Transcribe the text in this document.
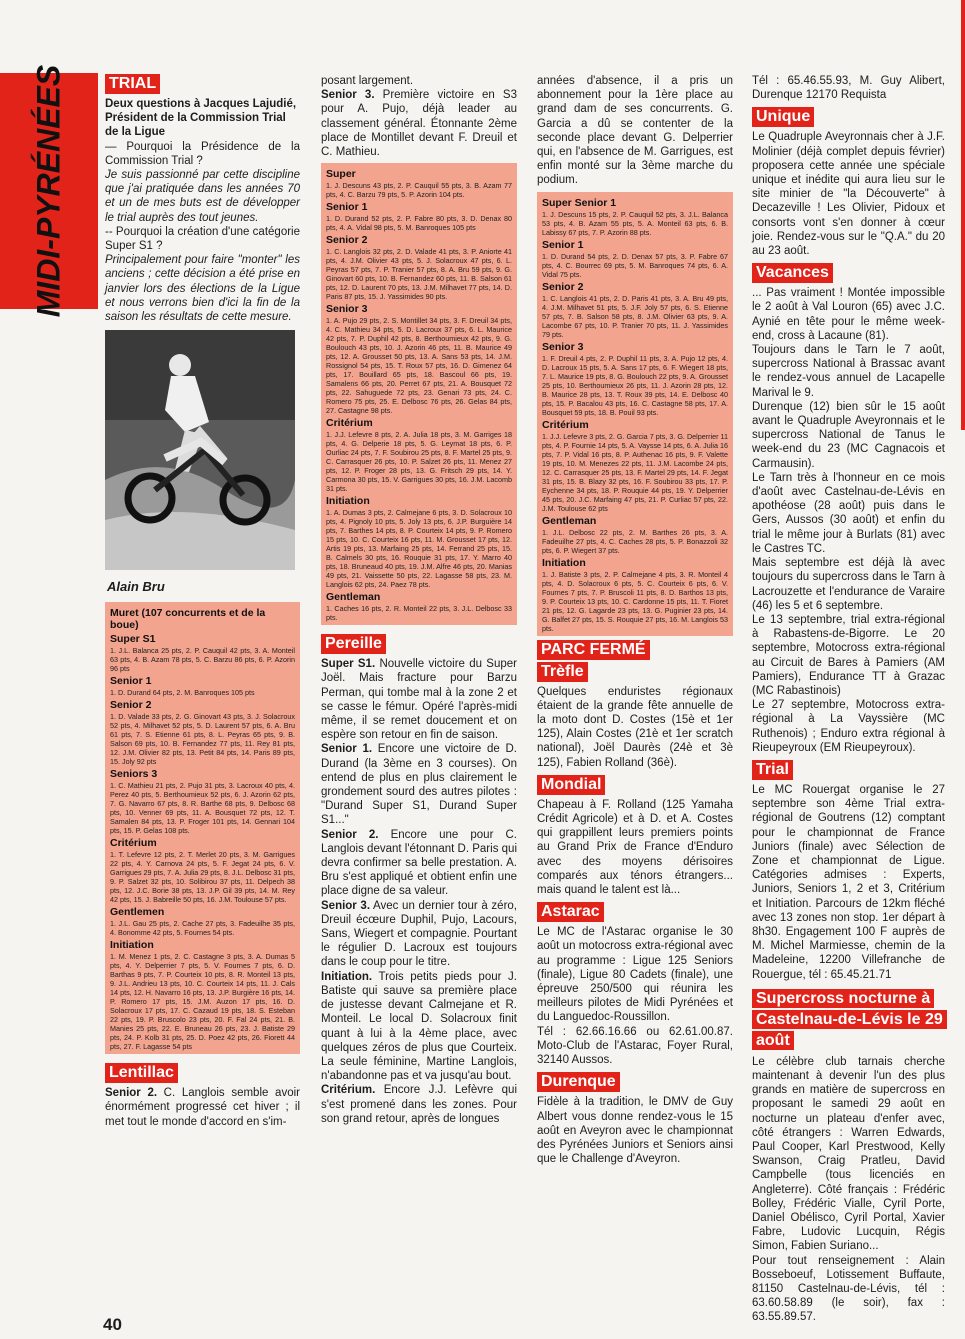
MIDI-PYRÉNÉES	TRIAL

Deux questions à Jacques Lajudié, Président de la Commission Trial de la Ligue

— Pourquoi la Présidence de la Commission Trial ?

Je suis passionné par cette discipline que j'ai pratiquée dans les années 70 et un de mes buts est de développer le trial auprès des tout jeunes.

-- Pourquoi la création d'une catégorie Super S1 ?

Principalement pour faire "monter" les anciens ; cette décision a été prise en janvier lors des élections de la Ligue et nous verrons bien d'ici la fin de la saison les résultats de cette mesure.

Alain Bru
Muret (107 concurrents et de la boue)
Super S1

1. J.L. Balanca 25 pts, 2. P. Cauquil 42 pts, 3. A. Monteil 63 pts, 4. B. Azam 78 pts, 5. C. Barzu 86 pts, 6. P. Azorin 96 pts

Senior 1

1. D. Durand 64 pts, 2. M. Banroques 105 pts

Senior 2

1. D. Valade 33 pts, 2. G. Ginovart 43 pts, 3. J. Solacroux 52 pts, 4. Milhavet 52 pts, 5. D. Laurent 57 pts, 6. A. Bru 61 pts, 7. S. Etienne 61 pts, 8. L. Peyras 65 pts, 9. B. Salson 69 pts, 10. B. Fernandez 77 pts, 11. Rey 81 pts, 12. J.M. Olivier 82 pts, 13. Petit 84 pts, 14. Paris 89 pts, 15. Joly 92 pts

Seniors 3

1. C. Mathieu 21 pts, 2. Pujo 31 pts, 3. Lacroux 40 pts, 4. Perez 40 pts, 5. Berthoumieux 52 pts, 6. J. Azorin 62 pts, 7. G. Navarro 67 pts, 8. R. Barthe 68 pts, 9. Delbosc 68 pts, 10. Venner 69 pts, 11. A. Bousquet 72 pts, 12. T. Samalen 84 pts, 13. P. Froger 101 pts, 14. Gennari 104 pts, 15. P. Gelas 108 pts.

Critérium

1. T. Lefevre 12 pts, 2. T. Merlet 20 pts, 3. M. Garrigues 22 pts, 4. Y. Carnova 24 pts, 5. F. Jegat 24 pts, 6. V. Garrigues 29 pts, 7. A. Julia 29 pts, 8. J.L. Delbosc 31 pts, 9. P. Salzet 32 pts, 10. Solibirou 37 pts, 11. Delpech 38 pts, 12. J.C. Borie 38 pts, 13. J.P. Gil 39 pts, 14. M. Rey 42 pts, 15. J. Babreille 50 pts, 16. J.M. Toulouse 57 pts.

Gentlemen

1. J.L. Gau 25 pts, 2. Cache 27 pts, 3. Fadeuilhe 35 pts, 4. Bonomme 42 pts, 5. Fournes 54 pts.

Initiation

1. M. Menez 1 pts, 2. C. Castagne 3 pts, 3. A. Dumas 5 pts, 4. Y. Delperrier 7 pts, 5. V. Fournes 7 pts, 6. D. Barthas 9 pts, 7. P. Courteix 10 pts, 8. R. Monteil 13 pts, 9. J.L. Andrieu 13 pts, 10. C. Courteix 14 pts, 11. J. Cals 14 pts, 12. H. Navarro 16 pts, 13. J.P. Burgière 16 pts, 14. P. Romero 17 pts, 15. J.M. Auzon 17 pts, 16. D. Solacroux 17 pts, 17. C. Cazaud 19 pts, 18. S. Esteban 22 pts, 19. P. Bruscolo 23 pts, 20. F. Fal 24 pts, 21. B. Manies 25 pts, 22. E. Bruneau 26 pts, 23. J. Batiste 29 pts, 24. P. Kolb 31 pts, 25. D. Poez 42 pts, 26. Fiorett 44 pts, 27. F. Lagasse 54 pts

Lentillac

Senior 2. C. Langlois semble avoir énormément progressé cet hiver ; il met tout le monde d'accord en s'im-

posant largement.

Senior 3. Première victoire en S3 pour A. Pujo, déjà leader au classement général. Étonnante 2ème place de Montillet devant F. Dreuil et C. Mathieu.

Super

1. J. Descuns 43 pts, 2. P. Cauquil 55 pts, 3. B. Azam 77 pts, 4. C. Barzu 79 pts, 5. P. Azorin 104 pts.

Senior 1

1. D. Durand 52 pts, 2. P. Fabre 80 pts, 3. D. Denax 80 pts, 4. A. Vidal 98 pts, 5. M. Banroques 105 pts

Senior 2

1. C. Langlois 32 pts, 2. D. Valade 41 pts, 3. P. Aniorte 41 pts, 4. J.M. Olivier 43 pts, 5. J. Solacroux 47 pts, 6. L. Peyras 57 pts, 7. P. Tranier 57 pts, 8. A. Bru 59 pts, 9. G. Ginovart 60 pts, 10. B. Fernandez 60 pts, 11. B. Salson 61 pts, 12. D. Laurent 70 pts, 13. J.M. Milhavet 77 pts, 14. D. Paris 87 pts, 15. J. Yassimides 90 pts.

Senior 3

1. A. Pujo 29 pts, 2. S. Montillet 34 pts, 3. F. Dreuil 34 pts, 4. C. Mathieu 34 pts, 5. D. Lacroux 37 pts, 6. L. Maurice 42 pts, 7. P. Duphil 42 pts, 8. Berthoumieux 42 pts, 9. G. Boulouch 43 pts, 10. J. Azorin 46 pts, 11. B. Maurice 49 pts, 12. A. Grousset 50 pts, 13. A. Sans 53 pts, 14. J.M. Rossignol 54 pts, 15. T. Roux 57 pts, 16. D. Gimenez 64 pts, 17. Bouillard 65 pts, 18. Bascoul 66 pts, 19. Samalens 66 pts, 20. Perret 67 pts, 21. A. Bousquet 72 pts, 22. Sahuguede 72 pts, 23. Genari 73 pts, 24. C. Romero 75 pts, 25. E. Delbosc 76 pts, 26. Gelas 84 pts, 27. Castagne 98 pts.

Critérium

1. J.J. Lefevre 8 pts, 2. A. Julia 18 pts, 3. M. Garriges 18 pts, 4. G. Delperie 18 pts, 5. G. Leymat 18 pts, 6. P. Ourliac 24 pts, 7. F. Soubirou 25 pts, 8. F. Martel 25 pts, 9. C. Carrasquer 26 pts, 10. P. Salzet 26 pts, 11. Menez 27 pts, 12. P. Froger 28 pts, 13. G. Fritsch 29 pts, 14. Y. Carmona 30 pts, 15. V. Garrigues 30 pts, 16. J.M. Lacomb 31 pts.

Initiation

1. A. Dumas 3 pts, 2. Calmejane 6 pts, 3. D. Solacroux 10 pts, 4. Pignoly 10 pts, 5. Joly 13 pts, 6. J.P. Burguière 14 pts, 7. Barthes 14 pts, 8. P. Courteix 14 pts, 9. P. Romero 15 pts, 10. C. Courteix 16 pts, 11. M. Grousset 17 pts, 12. Artis 19 pts, 13. Marfaing 25 pts, 14. Ferrand 25 pts, 15. B. Calmels 30 pts, 16. Rouquie 31 pts, 17. Y. Marro 40 pts, 18. Bruneaud 40 pts, 19. J.M. Alfre 46 pts, 20. Manias 49 pts, 21. Vaissette 50 pts, 22. Lagasse 58 pts, 23. M. Langlois 62 pts, 24. Paez 78 pts.

Gentleman

1. Caches 16 pts, 2. R. Monteil 22 pts, 3. J.L. Delbosc 33 pts.

Pereille

Super S1. Nouvelle victoire du Super Joël. Mais fracture pour Barzu Perman, qui tombe mal à la zone 2 et se casse le fémur. Opéré l'après-midi même, il se remet doucement et on espère son retour en fin de saison.

Senior 1. Encore une victoire de D. Durand (la 3ème en 3 courses). On entend de plus en plus clairement le grondement sourd des autres pilotes : "Durand Super S1, Durand Super S1..."

Senior 2. Encore une pour C. Langlois devant l'étonnant D. Paris qui devra confirmer sa belle prestation. A. Bru s'est appliqué et obtient enfin une place digne de sa valeur.

Senior 3. Avec un dernier tour à zéro, Dreuil écœure Duphil, Pujo, Lacours, Sans, Wiegert et compagnie. Pourtant le régulier D. Lacroux est toujours dans le coup pour le titre.

Initiation. Trois petits pieds pour J. Batiste qui sauve sa première place de justesse devant Calmejane et R. Monteil. Le local D. Solacroux finit quant à lui à la 4ème place, avec quelques zéros de plus que Courteix. La seule féminine, Martine Langlois, n'abandonne pas et va jusqu'au bout.

Critérium. Encore J.J. Lefèvre qui s'est promené dans les zones. Pour son grand retour, après de longues

années d'absence, il a pris un abonnement pour la 1ère place au grand dam de ses concurrents. G. Garcia a dû se contenter de la seconde place devant G. Delperrier qui, en l'absence de M. Garrigues, est enfin monté sur la 3ème marche du podium.

Super Senior 1

1. J. Descuns 15 pts, 2. P. Cauquil 52 pts, 3. J.L. Balanca 53 pts, 4. B. Azam 55 pts, 5. A. Monteil 63 pts, 6. B. Labissy 67 pts, 7. P. Azorin 88 pts.

Senior 1

1. D. Durand 54 pts, 2. D. Denax 57 pts, 3. P. Fabre 67 pts, 4. C. Bourrec 69 pts, 5. M. Banroques 74 pts, 6. A. Vidal 75 pts.

Senior 2

1. C. Langlois 41 pts, 2. D. Paris 41 pts, 3. A. Bru 49 pts, 4. J.M. Milhavet 51 pts, 5. J.F. Joly 57 pts, 6. S. Etienne 57 pts, 7. B. Salson 58 pts, 8. J.M. Olivier 63 pts, 9. A. Lacombe 67 pts, 10. P. Tranier 70 pts, 11. J. Yassimides 79 pts.

Senior 3

1. F. Dreuil 4 pts, 2. P. Duphil 11 pts, 3. A. Pujo 12 pts, 4. D. Lacroux 15 pts, 5. A. Sans 17 pts, 6. F. Wiegert 18 pts, 7. L. Maurice 19 pts, 8. G. Boulouch 22 pts, 9. A. Grousset 25 pts, 10. Berthoumieux 26 pts, 11. J. Azorin 28 pts, 12. B. Maurice 28 pts, 13. T. Roux 39 pts, 14. E. Delbosc 40 pts, 15. P. Bacalou 43 pts, 16. C. Castagne 58 pts, 17. A. Bousquet 59 pts, 18. B. Pouil 93 pts.

Critérium

1. J.J. Lefevre 3 pts, 2. G. Garcia 7 pts, 3. G. Delperrier 11 pts, 4. P. Fournie 14 pts, 5. A. Vaysse 14 pts, 6. A. Julia 16 pts, 7. P. Vidal 16 pts, 8. P. Authenac 16 pts, 9. F. Valette 19 pts, 10. M. Menezes 22 pts, 11. J.M. Lacombe 24 pts, 12. C. Carrasquer 25 pts, 13. F. Martel 29 pts, 14. F. Jegat 31 pts, 15. B. Blazy 32 pts, 16. F. Soubirou 33 pts, 17. P. Eychenne 34 pts, 18. P. Rouquie 44 pts, 19. Y. Delperrier 45 pts, 20. J.C. Marfaing 47 pts, 21. P. Curliac 57 pts, 22. J.M. Toulouse 62 pts

Gentleman

1. J.L. Delbosc 22 pts, 2. M. Barthes 26 pts, 3. A. Fadeuilhe 27 pts, 4. C. Caches 28 pts, 5. P. Bonazzoli 32 pts, 6. P. Wiegert 37 pts.

Initiation

1. J. Batiste 3 pts, 2. P. Calmejane 4 pts, 3. R. Monteil 4 pts, 4. D. Solacroux 6 pts, 5. C. Courteix 6 pts, 6. V. Fournes 7 pts, 7. P. Bruscoli 11 pts, 8. D. Barthos 13 pts, 9. P. Courteix 13 pts, 10. C. Cardonne 15 pts, 11. T. Fioret 21 pts, 12. G. Lagarde 23 pts, 13. G. Puginier 23 pts, 14. G. Balfet 27 pts, 15. S. Rouquie 27 pts, 16. M. Langlois 53 pts.

PARC FERMÉ
Trèfle

Quelques enduristes régionaux étaient de la grande fête annuelle de la moto dont D. Costes (15è et 1er 125), Alain Costes (21è et 1er scratch national), Joël Daurès (24è et 3è 125), Fabien Rolland (36è).

Mondial

Chapeau à F. Rolland (125 Yamaha Crédit Agricole) et à D. et A. Costes qui grappillent leurs premiers points au Grand Prix de France d'Enduro avec des moyens dérisoires comparés aux ténors étrangers... mais quand le talent est là...

Astarac

Le MC de l'Astarac organise le 30 août un motocross extra-régional avec au programme : Ligue 125 Seniors (finale), Ligue 80 Cadets (finale), une épreuve 250/500 qui réunira les meilleurs pilotes de Midi Pyrénées et du Languedoc-Roussillon.

Tél : 62.66.16.66 ou 62.61.00.87. Moto-Club de l'Astarac, Foyer Rural, 32140 Aussos.

Durenque

Fidèle à la tradition, le DMV de Guy Albert vous donne rendez-vous le 15 août en Aveyron avec le championnat des Pyrénées Juniors et Seniors ainsi que le Challenge d'Aveyron.

Tél : 65.46.55.93, M. Guy Alibert, Durenque 12170 Requista

Unique

Le Quadruple Aveyronnais cher à J.F. Molinier (déjà complet depuis février) proposera cette année une spéciale unique et inédite qui aura lieu sur le site minier de "la Découverte" à Decazeville ! Les Olivier, Pidoux et consorts vont s'en donner à cœur joie. Rendez-vous sur le "Q.A." du 20 au 23 août.

Vacances

... Pas vraiment ! Montée impossible le 2 août à Val Louron (65) avec J.C. Aynié en tête pour le même week-end, cross à Lacaune (81).

Toujours dans le Tarn le 7 août, supercross National à Brassac avant le rendez-vous annuel de Lacapelle Marival le 9.

Durenque (12) bien sûr le 15 août avant le Quadruple Aveyronnais et le supercross National de Tanus le week-end du 23 (MC Cagnacois et Carmausin).

Le Tarn très à l'honneur en ce mois d'août avec Castelnau-de-Lévis en apothéose (28 août) puis dans le Gers, Aussos (30 août) et enfin du trial le même jour à Burlats (81) avec le Castres TC.

Mais septembre est déjà là avec toujours du supercross dans le Tarn à Lacrouzette et l'endurance de Varaire (46) les 5 et 6 septembre.

Le 13 septembre, trial extra-régional à Rabastens-de-Bigorre. Le 20 septembre, Motocross extra-régional au Circuit de Bares à Pamiers (AM Pamiers), Endurance TT à Grazac (MC Rabastinois)

Le 27 septembre, Motocross extra-régional à La Vayssière (MC Ruthenois) ; Enduro extra régional à Rieupeyroux (EM Rieupeyroux).

Trial

Le MC Rouergat organise le 27 septembre son 4ème Trial extra-régional de Goutrens (12) comptant pour le championnat de France Juniors (finale) avec Sélection de Zone et championnat de Ligue. Catégories admises : Experts, Juniors, Seniors 1, 2 et 3, Critérium et Initiation. Parcours de 12km fléché avec 13 zones non stop. 1er départ à 8h30. Engagement 100 F auprès de M. Michel Marmiesse, chemin de la Madeleine, 12200 Villefranche de Rouergue, tél : 65.45.21.71

Supercross nocturne à Castelnau-de-Lévis le 29 août

Le célèbre club tarnais cherche maintenant à devenir l'un des plus grands en matière de supercross en proposant le samedi 29 août en nocturne un plateau d'enfer avec, côté étrangers : Warren Edwards, Paul Cooper, Karl Prestwood, Kelly Swanson, Craig Pratleu, David Campbelle (tous licenciés en Angleterre). Côté français : Frédéric Bolley, Frédéric Vialle, Cyril Porte, Daniel Obélisco, Cyril Portal, Xavier Fabre, Ludovic Lucquin, Régis Simon, Fabien Suriano...

Pour tout renseignement : Alain Bosseboeuf, Lotissement Buffaute, 81150 Castelnau-de-Lévis, tél : 63.60.58.89 (le soir), fax : 63.55.89.57.

40
